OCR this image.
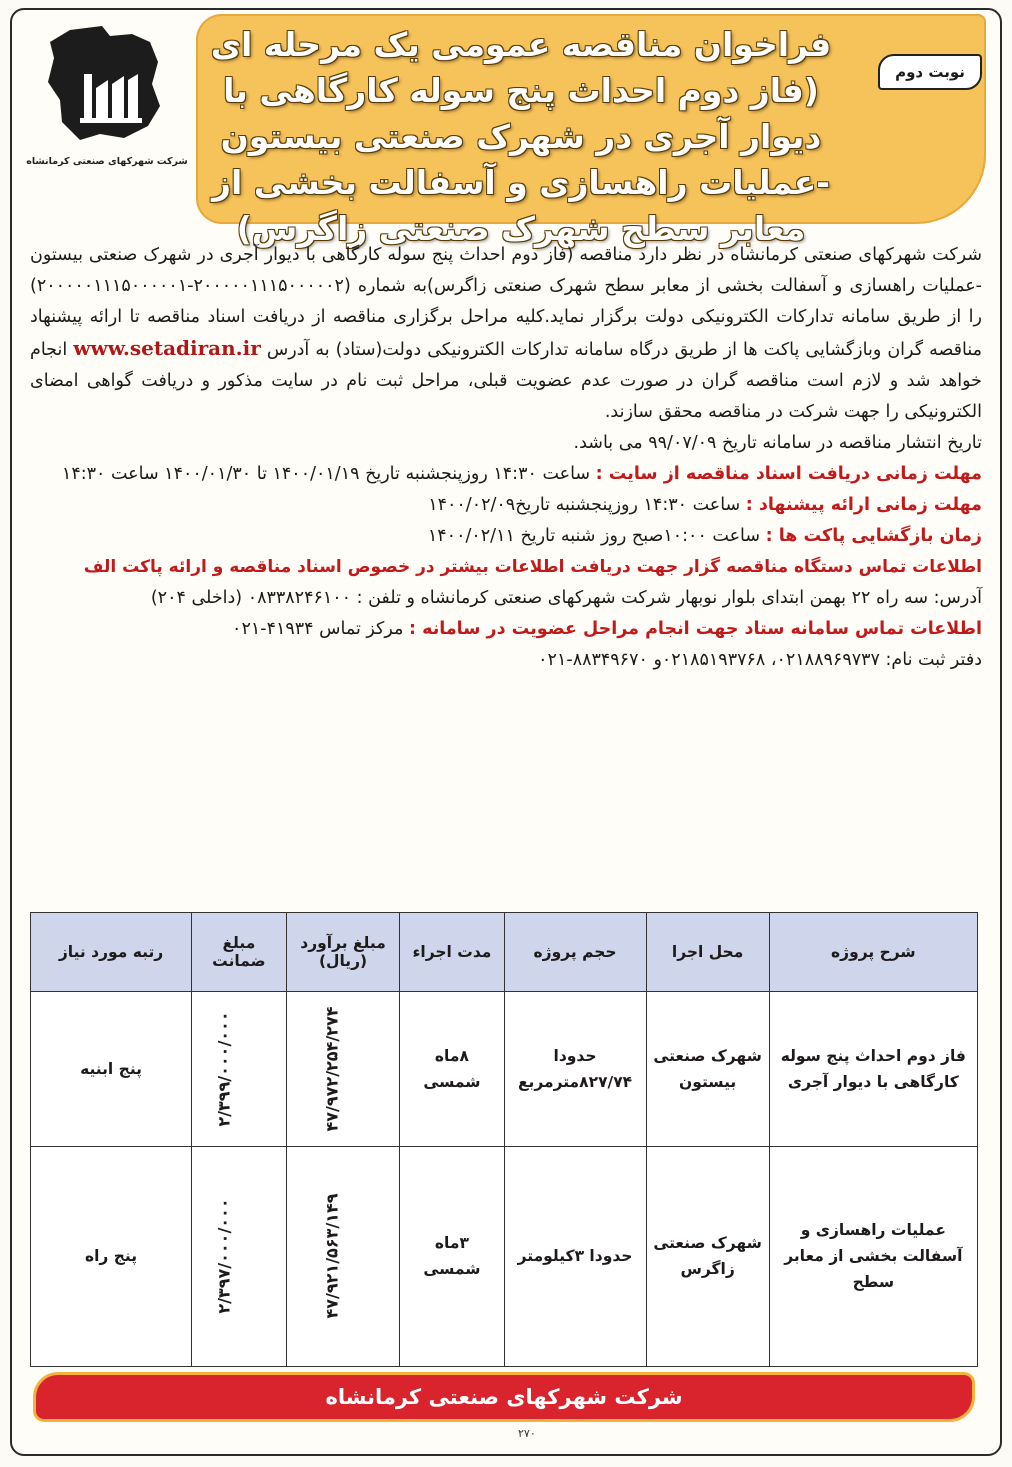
شرکت شهرکهای صنعتی کرمانشاه
فراخوان مناقصه عمومی یک مرحله ای (فاز دوم احداث پنج سوله کارگاهی با دیوار آجری در شهرک صنعتی بیستون -عملیات راهسازی و آسفالت بخشی از معابر سطح شهرک صنعتی زاگرس)
نوبت دوم

شرکت شهرکهای صنعتی کرمانشاه در نظر دارد مناقصه (فاز دوم احداث پنج سوله کارگاهی با دیوار آجری در شهرک صنعتی بیستون -عملیات راهسازی و آسفالت بخشی از معابر سطح شهرک صنعتی زاگرس)به شماره (۲۰۰۰۰۰۱۱۱۵۰۰۰۰۰۲-۲۰۰۰۰۰۱۱۱۵۰۰۰۰۰۱) را از طریق سامانه تدارکات الکترونیکی دولت برگزار نماید.کلیه مراحل برگزاری مناقصه از دریافت اسناد مناقصه تا ارائه پیشنهاد مناقصه گران وبازگشایی پاکت ها از طریق درگاه سامانه تدارکات الکترونیکی دولت(ستاد) به آدرس www.setadiran.ir انجام خواهد شد و لازم است مناقصه گران در صورت عدم عضویت قبلی، مراحل ثبت نام در سایت مذکور و دریافت گواهی امضای الکترونیکی را جهت شرکت در مناقصه محقق سازند.

تاریخ انتشار مناقصه در سامانه تاریخ ۹۹/۰۷/۰۹ می باشد.

مهلت زمانی دریافت اسناد مناقصه از سایت : ساعت ۱۴:۳۰ روزپنجشنبه تاریخ ۱۴۰۰/۰۱/۱۹ تا ۱۴۰۰/۰۱/۳۰ ساعت ۱۴:۳۰

مهلت زمانی ارائه پیشنهاد : ساعت ۱۴:۳۰ روزپنجشنبه تاریخ۱۴۰۰/۰۲/۰۹

زمان بازگشایی پاکت ها : ساعت ۱۰:۰۰صبح روز شنبه تاریخ ۱۴۰۰/۰۲/۱۱

اطلاعات تماس دستگاه مناقصه گزار جهت دریافت اطلاعات بیشتر در خصوص اسناد مناقصه و ارائه پاکت الف

آدرس: سه راه ۲۲ بهمن ابتدای بلوار نوبهار شرکت شهرکهای صنعتی کرمانشاه و تلفن : ۰۸۳۳۸۲۴۶۱۰۰ (داخلی ۲۰۴)

اطلاعات تماس سامانه ستاد جهت انجام مراحل عضویت در سامانه : مرکز تماس ۴۱۹۳۴-۰۲۱

دفتر ثبت نام: ۰۲۱۸۸۹۶۹۷۳۷، ۰۲۱۸۵۱۹۳۷۶۸و ۸۸۳۴۹۶۷۰-۰۲۱

شرح پروژه	محل اجرا	حجم پروژه	مدت اجراء	مبلغ برآورد (ریال)	مبلغ ضمانت	رتبه مورد نیاز
فاز دوم احداث پنج سوله کارگاهی با دیوار آجری	شهرک صنعتی بیستون	حدودا ۸۲۷/۷۴مترمربع	۸ماه شمسی	۴۷/۹۷۲/۲۵۴/۲۷۴	۲/۳۹۹/۰۰۰/۰۰۰	پنج ابنیه
عملیات راهسازی و آسفالت بخشی از معابر سطح	شهرک صنعتی زاگرس	حدودا ۳کیلومتر	۳ماه شمسی	۴۷/۹۲۱/۵۶۳/۱۴۹	۲/۳۹۷/۰۰۰/۰۰۰	پنج راه
شرکت شهرکهای صنعتی کرمانشاه
۲۷۰
